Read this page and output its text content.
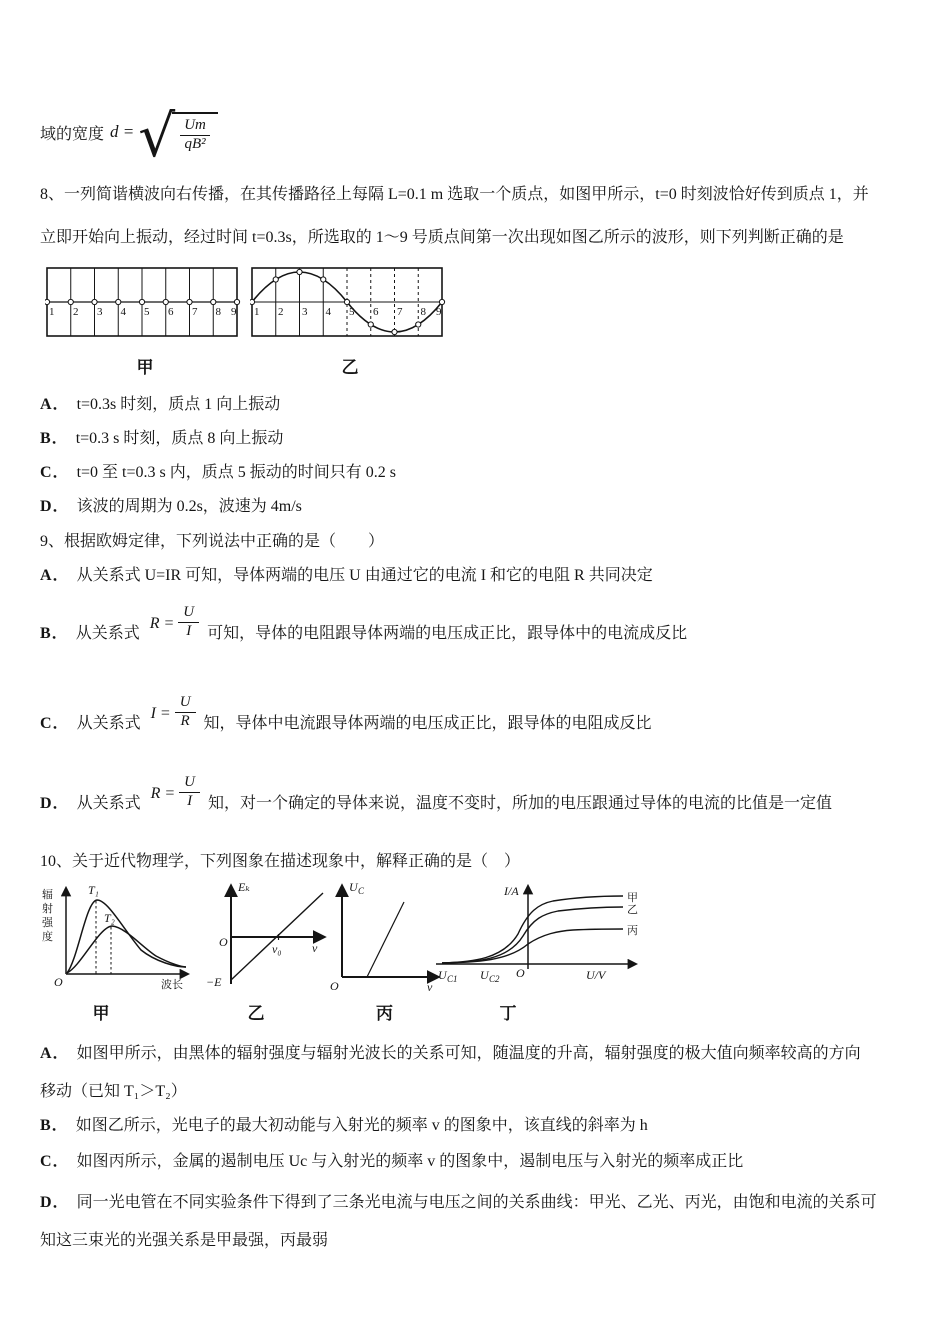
域的宽度 d = √
$\frac{Um}{\text{qB²}}$
8、一列简谐横波向右传播，在其传播路径上每隔 L=0.1 m 选取一个质点，如图甲所示，t=0 时刻波恰好传到质点 1，并
立即开始向上振动，经过时间 t=0.3s，所选取的 1～9 号质点间第一次出现如图乙所示的波形，则下列判断正确的是
1 2 3 4 5 6 7 8 9
甲
1 2 3 4 5 6 7 8 9
乙
A． t=0.3s 时刻，质点 1 向上振动
B． t=0.3 s 时刻，质点 8 向上振动
C． t=0 至 t=0.3 s 内，质点 5 振动的时间只有 0.2 s
D． 该波的周期为 0.2s，波速为 4m/s
9、根据欧姆定律，下列说法中正确的是（　　）
A． 从关系式 U=IR 可知，导体两端的电压 U 由通过它的电流 I 和它的电阻 R 共同决定
B． 从关系式
$R = \frac{U}{I}$ 可知，导体的电阻跟导体两端的电压成正比，跟导体中的电流成反比
C． 从关系式
$I = \frac{U}{R}$ 知，导体中电流跟导体两端的电压成正比，跟导体的电阻成反比
D． 从关系式
$R = \frac{U}{I}$ 知，对一个确定的导体来说，温度不变时，所加的电压跟通过导体的电流的比值是一定值
10、关于近代物理学，下列图象在描述现象中，解释正确的是（　）
辐
射
强
度
T₁
T₂
O	波长
甲
Eₖ
O	v₀	v
−E
乙
U C
O	v
丙
I/A	甲
乙
丙
U C1 U C2 O	U/V
丁
A． 如图甲所示，由黑体的辐射强度与辐射光波长的关系可知，随温度的升高，辐射强度的极大值向频率较高的方向
移动（已知 T₁＞T₂）
B． 如图乙所示，光电子的最大初动能与入射光的频率 v 的图象中，该直线的斜率为 h
C． 如图丙所示，金属的遏制电压 Uc 与入射光的频率 v 的图象中，遏制电压与入射光的频率成正比
D． 同一光电管在不同实验条件下得到了三条光电流与电压之间的关系曲线：甲光、乙光、丙光，由饱和电流的关系可
知这三束光的光强关系是甲最强，丙最弱
